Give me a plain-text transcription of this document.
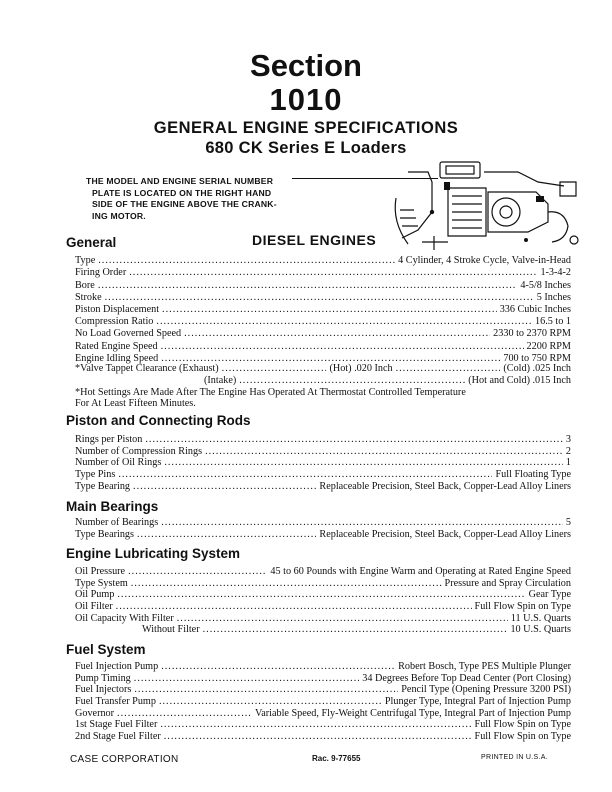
Section
1010
GENERAL ENGINE SPECIFICATIONS
680 CK Series E Loaders
THE MODEL AND ENGINE SERIAL NUMBER
PLATE IS LOCATED ON THE RIGHT HAND
SIDE OF THE ENGINE ABOVE THE CRANK-
ING MOTOR.
General	DIESEL ENGINES
Type .....	4 Cylinder, 4 Stroke Cycle, Valve-in-Head
Firing Order .....	1-3-4-2
Bore .....	4-5/8 Inches
Stroke .....	5 Inches
Piston Displacement .....	336 Cubic Inches
Compression Ratio .....	16.5 to 1
No Load Governed Speed .....	2330 to 2370 RPM
Rated Engine Speed .....	2200 RPM
Engine Idling Speed .....	700 to 750 RPM
*Valve Tappet Clearance (Exhaust) .....	(Hot) .020 Inch .....	(Cold) .025 Inch
(Intake) .....	(Hot and Cold) .015 Inch
*Hot Settings Are Made After The Engine Has Operated At Thermostat Controlled Temperature
For At Least Fifteen Minutes.
Piston and Connecting Rods
Rings per Piston .....	3
Number of Compression Rings .....	2
Number of Oil Rings .....	1
Type Pins .....	Full Floating Type
Type Bearing .....	Replaceable Precision, Steel Back, Copper-Lead Alloy Liners
Main Bearings
Number of Bearings .....	5
Type Bearings .....	Replaceable Precision, Steel Back, Copper-Lead Alloy Liners
Engine Lubricating System
Oil Pressure .....	45 to 60 Pounds with Engine Warm and Operating at Rated Engine Speed
Type System .....	Pressure and Spray Circulation
Oil Pump .....	Gear Type
Oil Filter .....	Full Flow Spin on Type
Oil Capacity With Filter .....	11 U.S. Quarts
Without Filter .....	10 U.S. Quarts
Fuel System
Fuel Injection Pump .....	Robert Bosch, Type PES Multiple Plunger
Pump Timing .....	34 Degrees Before Top Dead Center (Port Closing)
Fuel Injectors .....	Pencil Type (Opening Pressure 3200 PSI)
Fuel Transfer Pump .....	Plunger Type, Integral Part of Injection Pump
Governor .....	Variable Speed, Fly-Weight Centrifugal Type, Integral Part of Injection Pump
1st Stage Fuel Filter .....	Full Flow Spin on Type
2nd Stage Fuel Filter .....	Full Flow Spin on Type
CASE CORPORATION	Rac. 9-77655	PRINTED IN U.S.A.
